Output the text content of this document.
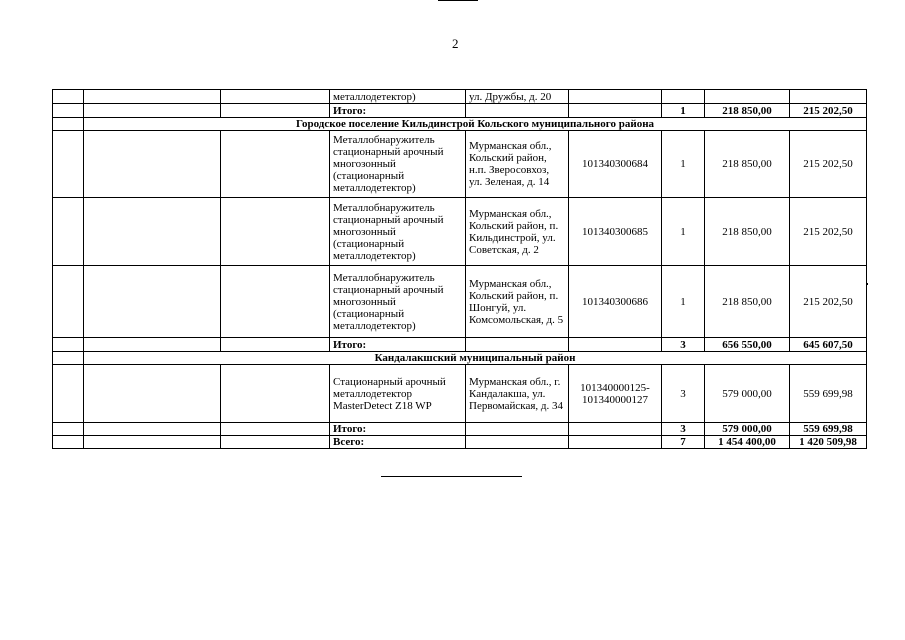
2
			металлодетектор)	ул. Дружбы, д. 20				
			Итого:			1	218 850,00	215 202,50
	Городское поселение Кильдинстрой Кольского муниципального района							
			Металлобнаружитель стационарный арочный многозонный (стационарный металлодетектор)	Мурманская обл., Кольский район, н.п. Зверосовхоз, ул. Зеленая, д. 14	101340300684	1	218 850,00	215 202,50
			Металлобнаружитель стационарный арочный многозонный (стационарный металлодетектор)	Мурманская обл., Кольский район, п. Кильдинстрой, ул. Советская, д. 2	101340300685	1	218 850,00	215 202,50
			Металлобнаружитель стационарный арочный многозонный (стационарный металлодетектор)	Мурманская обл., Кольский район, п. Шонгуй, ул. Комсомольская, д. 5	101340300686	1	218 850,00	215 202,50
			Итого:			3	656 550,00	645 607,50
	Кандалакшский муниципальный район							
			Стационарный арочный металлодетектор MasterDetect Z18 WP	Мурманская обл., г. Кандалакша, ул. Первомайская, д. 34	101340000125-101340000127	3	579 000,00	559 699,98
			Итого:			3	579 000,00	559 699,98
			Всего:			7	1 454 400,00	1 420 509,98
